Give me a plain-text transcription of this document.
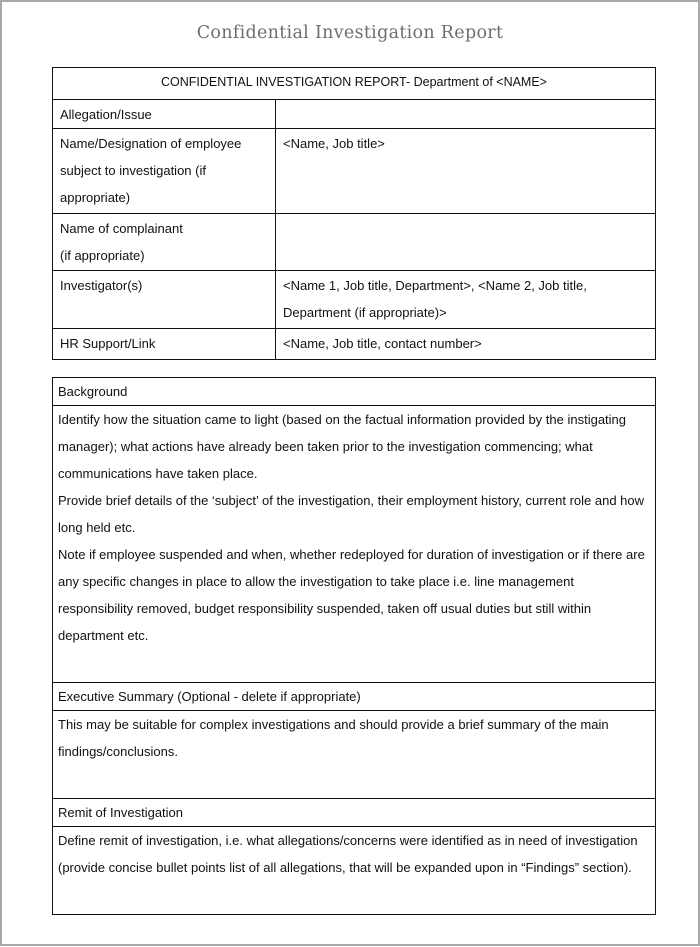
Confidential Investigation Report
CONFIDENTIAL INVESTIGATION REPORT- Department of <NAME>	
Allegation/Issue	
Name/Designation of employee subject to investigation (if appropriate)	<Name, Job title>

Name of complainant
(if appropriate)	

Investigator(s)	<Name 1, Job title, Department>, <Name 2, Job title, Department (if appropriate)>
HR Support/Link	<Name, Job title, contact number>
Background

Identify how the situation came to light (based on the factual information provided by the instigating manager); what actions have already been taken prior to the investigation commencing; what communications have taken place.

Provide brief details of the ‘subject’ of the investigation, their employment history, current role and how long held etc.

Note if employee suspended and when, whether redeployed for duration of investigation or if there are any specific changes in place to allow the investigation to take place i.e. line management responsibility removed, budget responsibility suspended, taken off usual duties but still within department etc.

Executive Summary (Optional - delete if appropriate)

This may be suitable for complex investigations and should provide a brief summary of the main findings/conclusions.

Remit of Investigation

Define remit of investigation, i.e. what allegations/concerns were identified as in need of investigation (provide concise bullet points list of all allegations, that will be expanded upon in “Findings” section).
